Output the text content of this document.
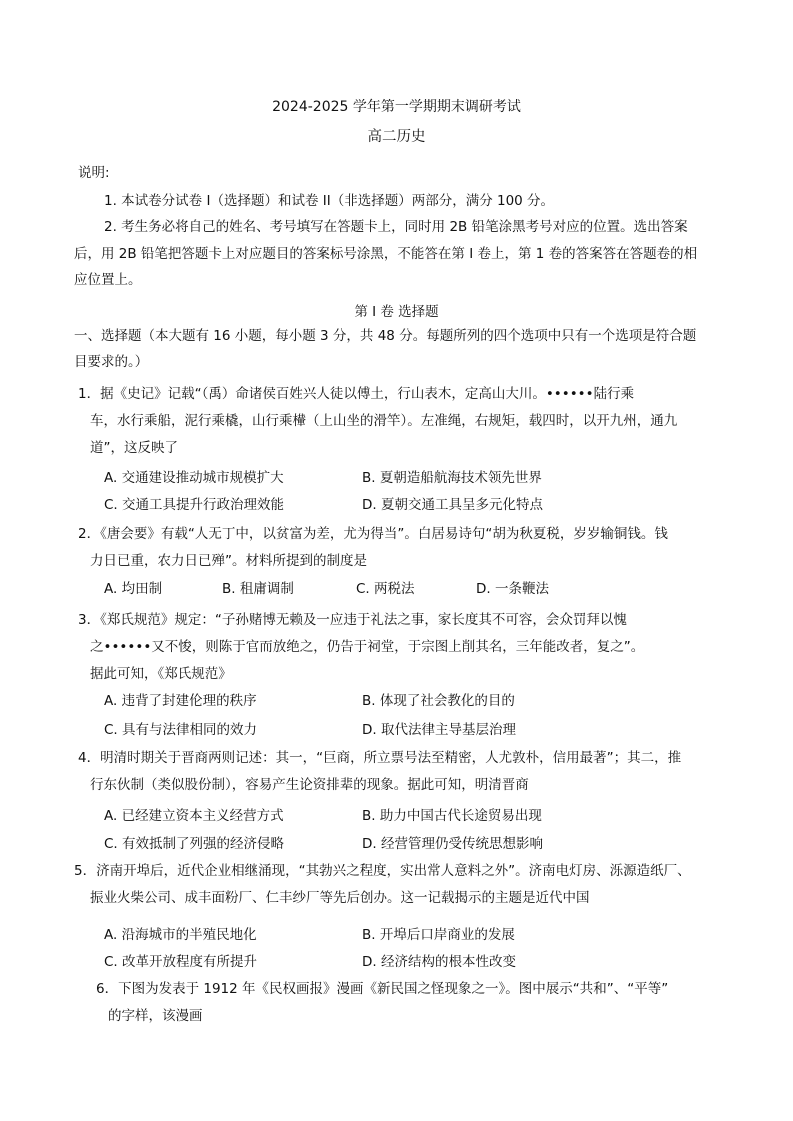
2024-2025 学年第一学期期末调研考试
高二历史

说明:

1. 本试卷分试卷 I（选择题）和试卷 II（非选择题）两部分，满分 100 分。

2. 考生务必将自己的姓名、考号填写在答题卡上，同时用 2B 铅笔涂黑考号对应的位置。选出答案

后，用 2B 铅笔把答题卡上对应题目的答案标号涂黑，不能答在第 I 卷上，第 1 卷的答案答在答题卷的相

应位置上。

第 I 卷 选择题

一、选择题（本大题有 16 小题，每小题 3 分，共 48 分。每题所列的四个选项中只有一个选项是符合题

目要求的。）

1．据《史记》记载“（禹）命诸侯百姓兴人徒以傅土，行山表木，定高山大川。••••••陆行乘

车，水行乘船，泥行乘橇，山行乘檋（上山坐的滑竿）。左准绳，右规矩，载四时，以开九州，通九

道”，这反映了

A. 交通建设推动城市规模扩大	B. 夏朝造船航海技术领先世界

C. 交通工具提升行政治理效能	D. 夏朝交通工具呈多元化特点

2．《唐会要》有载“人无丁中，以贫富为差，尤为得当”。白居易诗句“胡为秋夏税，岁岁输铜钱。钱

力日已重，农力日已殚”。材料所提到的制度是

A. 均田制	B. 租庸调制	C. 两税法	D. 一条鞭法

3．《郑氏规范》规定：“子孙赌博无赖及一应违于礼法之事，家长度其不可容，会众罚拜以愧

之••••••又不悛，则陈于官而放绝之，仍告于祠堂，于宗图上削其名，三年能改者，复之”。

据此可知，《郑氏规范》

A. 违背了封建伦理的秩序	B. 体现了社会教化的目的

C. 具有与法律相同的效力	D. 取代法律主导基层治理

4．明清时期关于晋商两则记述：其一，“巨商，所立票号法至精密，人尤敦朴，信用最著”；其二，推

行东伙制（类似股份制），容易产生论资排辈的现象。据此可知，明清晋商

A. 已经建立资本主义经营方式	B. 助力中国古代长途贸易出现

C. 有效抵制了列强的经济侵略	D. 经营管理仍受传统思想影响

5．济南开埠后，近代企业相继涌现，“其勃兴之程度，实出常人意料之外”。济南电灯房、泺源造纸厂、

振业火柴公司、成丰面粉厂、仁丰纱厂等先后创办。这一记载揭示的主题是近代中国

A. 沿海城市的半殖民地化	B. 开埠后口岸商业的发展

C. 改革开放程度有所提升	D. 经济结构的根本性改变

6．下图为发表于 1912 年《民权画报》漫画《新民国之怪现象之一》。图中展示“共和”、“平等”

的字样，该漫画
